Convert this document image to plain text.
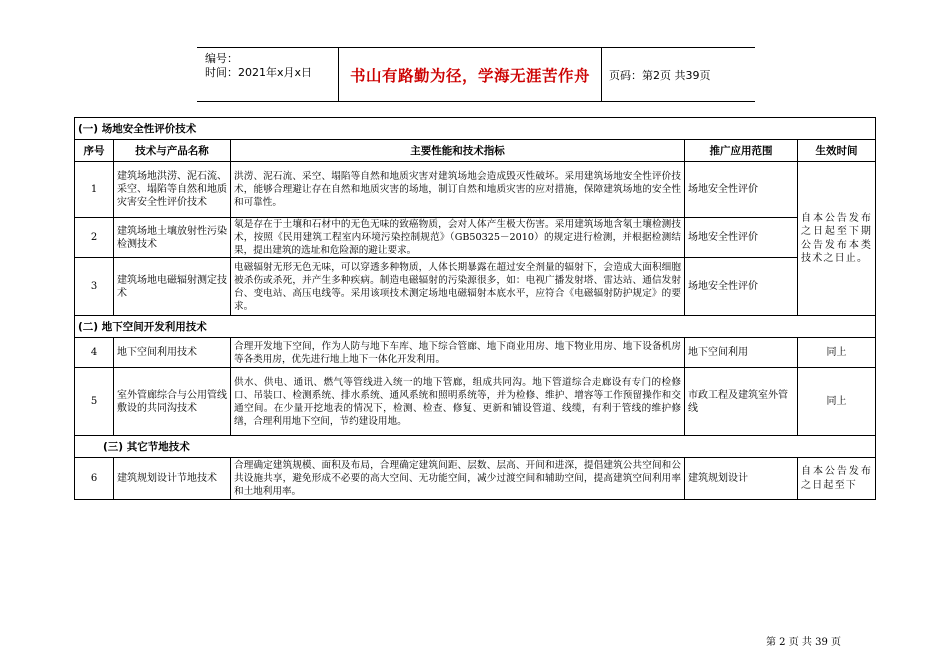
编号：
时间：2021年x月x日	书山有路勤为径，学海无涯苦作舟	页码：第2页 共39页
(一) 场地安全性评价技术				
序号	技术与产品名称	主要性能和技术指标	推广应用范围	生效时间
1	建筑场地洪涝、泥石流、采空、塌陷等自然和地质灾害安全性评价技术	洪涝、泥石流、采空、塌陷等自然和地质灾害对建筑场地会造成毁灭性破坏。采用建筑场地安全性评价技术，能够合理避让存在自然和地质灾害的场地，制订自然和地质灾害的应对措施，保障建筑场地的安全性和可靠性。	场地安全性评价	自本公告发布之日起至下期公告发布本类技术之日止。
2	建筑场地土壤放射性污染检测技术	氡是存在于土壤和石材中的无色无味的致癌物质，会对人体产生极大伤害。采用建筑场地含氡土壤检测技术，按照《民用建筑工程室内环境污染控制规范》（GB50325－2010）的规定进行检测，并根据检测结果，提出建筑的选址和危险源的避让要求。	场地安全性评价	
3	建筑场地电磁辐射测定技术	电磁辐射无形无色无味，可以穿透多种物质，人体长期暴露在超过安全剂量的辐射下，会造成大面积细胞被杀伤或杀死，并产生多种疾病。制造电磁辐射的污染源很多，如：电视广播发射塔、雷达站、通信发射台、变电站、高压电线等。采用该项技术测定场地电磁辐射本底水平，应符合《电磁辐射防护规定》的要求。	场地安全性评价	
(二) 地下空间开发利用技术				
4	地下空间利用技术	合理开发地下空间，作为人防与地下车库、地下综合管廊、地下商业用房、地下物业用房、地下设备机房等各类用房，优先进行地上地下一体化开发利用。	地下空间利用	同上
5	室外管廊综合与公用管线敷设的共同沟技术	供水、供电、通讯、燃气等管线进入统一的地下管廊，组成共同沟。地下管道综合走廊设有专门的检修口、吊装口、检测系统、排水系统、通风系统和照明系统等，并为检修、维护、增容等工作预留操作和交通空间。在少量开挖地表的情况下，检测、检查、修复、更新和铺设管道、线缆，有利于管线的维护修缮，合理利用地下空间，节约建设用地。	市政工程及建筑室外管线	同上
(三) 其它节地技术				
6	建筑规划设计节地技术	合理确定建筑规模、面积及布局，合理确定建筑间距、层数、层高、开间和进深，提倡建筑公共空间和公共设施共享，避免形成不必要的高大空间、无功能空间，减少过渡空间和辅助空间，提高建筑空间利用率和土地利用率。	建筑规划设计	自本公告发布之日起至下
第 2 页 共 39 页
